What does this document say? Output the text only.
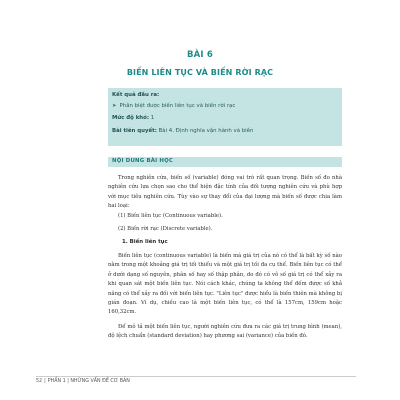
BÀI 6
BIẾN LIÊN TỤC VÀ BIẾN RỜI RẠC
Kết quả đầu ra:
➤ Phân biệt được biến liên tục và biến rời rạc
Mức độ khó: 1
Bài tiên quyết: Bài 4. Định nghĩa vận hành và biến
NỘI DUNG BÀI HỌC
Trong nghiên cứu, biến số (variable) đóng vai trò rất quan trọng. Biến số đo nhà nghiên cứu lựa chọn sao cho thể hiện đặc tính của đối tượng nghiên cứu và phù hợp với mục tiêu nghiên cứu. Tùy vào sự thay đổi của đại lượng mà biến số được chia làm hai loại:
(1) Biến liên tục (Continuous variable).
(2) Biến rời rạc (Discrete variable).
1. Biến liên tục
Biến liên tục (continuous variable) là biến mà giá trị của nó có thể là bất kỳ số nào nằm trong một khoảng giá trị tối thiểu và một giá trị tối đa cụ thể. Biến liên tục có thể ở dưới dạng số nguyên, phân số hay số thập phân, do đó có vô số giá trị có thể xảy ra khi quan sát một biến liên tục. Nói cách khác, chúng ta không thể đếm được số khả năng có thể xảy ra đối với biến liên tục. "Liên tục" được hiểu là biến thiên mà không bị gián đoạn. Ví dụ, chiều cao là một biến liên tục, có thể là 157cm, 159cm hoặc 160,32cm.
Để mô tả một biến liên tục, người nghiên cứu đưa ra các giá trị trung bình (mean), độ lệch chuẩn (standard deviation) hay phương sai (variance) của biến đó.
52 | PHẦN 1 | NHỮNG VẤN ĐỀ CƠ BẢN
